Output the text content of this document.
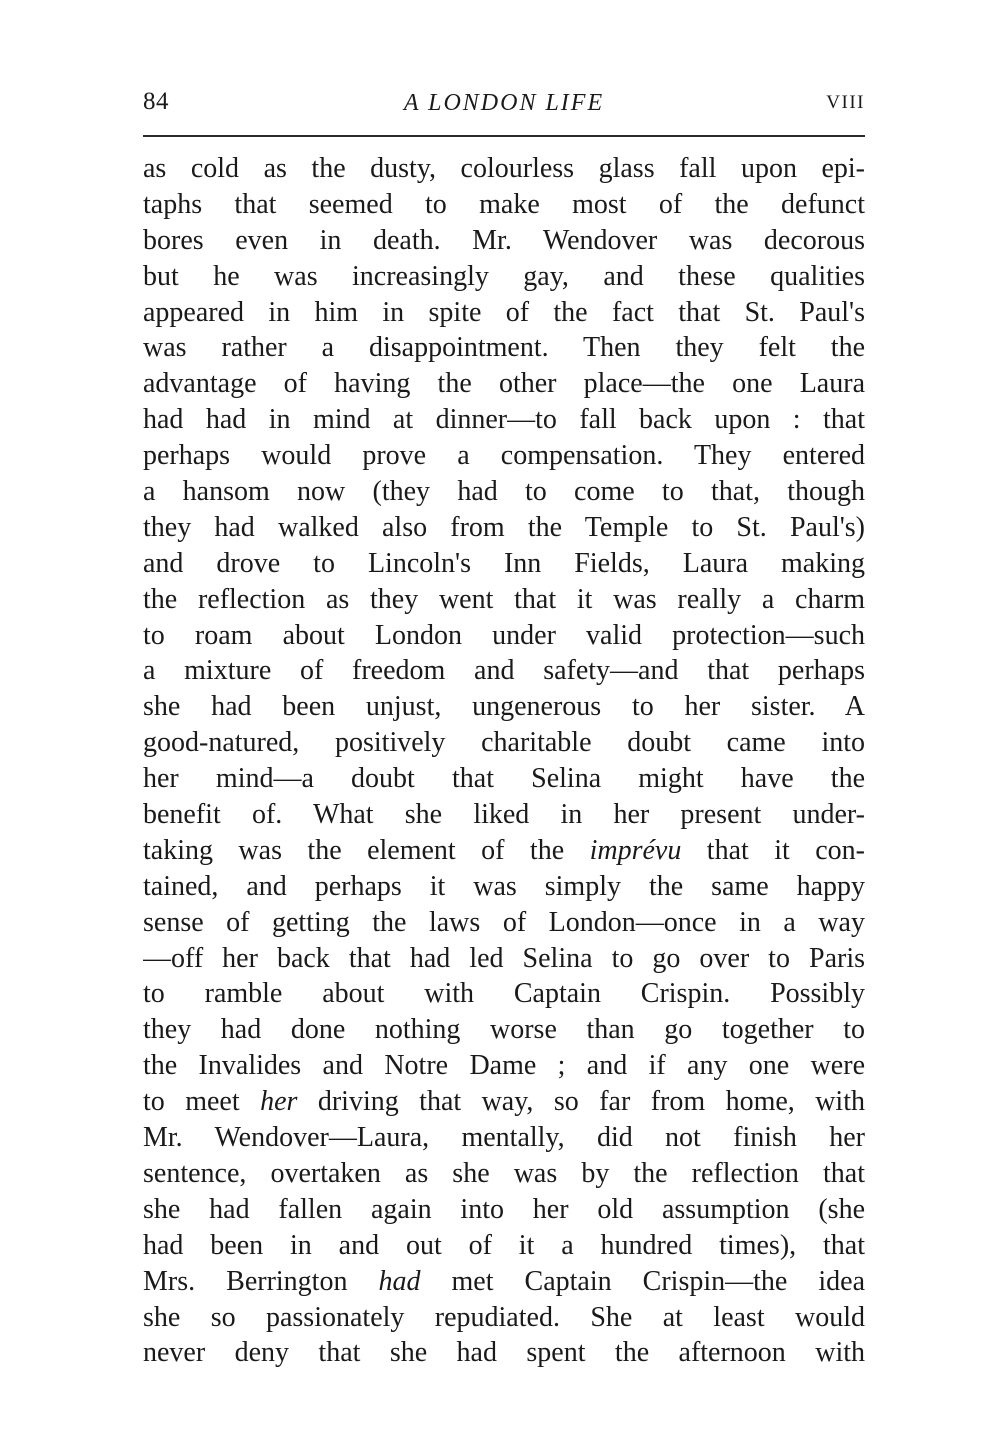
84	A LONDON LIFE	VIII
as cold as the dusty, colourless glass fall upon epi-
taphs that seemed to make most of the defunct
bores even in death. Mr. Wendover was decorous
but he was increasingly gay, and these qualities
appeared in him in spite of the fact that St. Paul's
was rather a disappointment. Then they felt the
advantage of having the other place—the one Laura
had had in mind at dinner—to fall back upon : that
perhaps would prove a compensation. They entered
a hansom now (they had to come to that, though
they had walked also from the Temple to St. Paul's)
and drove to Lincoln's Inn Fields, Laura making
the reflection as they went that it was really a charm
to roam about London under valid protection—such
a mixture of freedom and safety—and that perhaps
she had been unjust, ungenerous to her sister. A
good-natured, positively charitable doubt came into
her mind—a doubt that Selina might have the
benefit of. What she liked in her present under-
taking was the element of the imprévu that it con-
tained, and perhaps it was simply the same happy
sense of getting the laws of London—once in a way
—off her back that had led Selina to go over to Paris
to ramble about with Captain Crispin. Possibly
they had done nothing worse than go together to
the Invalides and Notre Dame ; and if any one were
to meet her driving that way, so far from home, with
Mr. Wendover—Laura, mentally, did not finish her
sentence, overtaken as she was by the reflection that
she had fallen again into her old assumption (she
had been in and out of it a hundred times), that
Mrs. Berrington had met Captain Crispin—the idea
she so passionately repudiated. She at least would
never deny that she had spent the afternoon with
